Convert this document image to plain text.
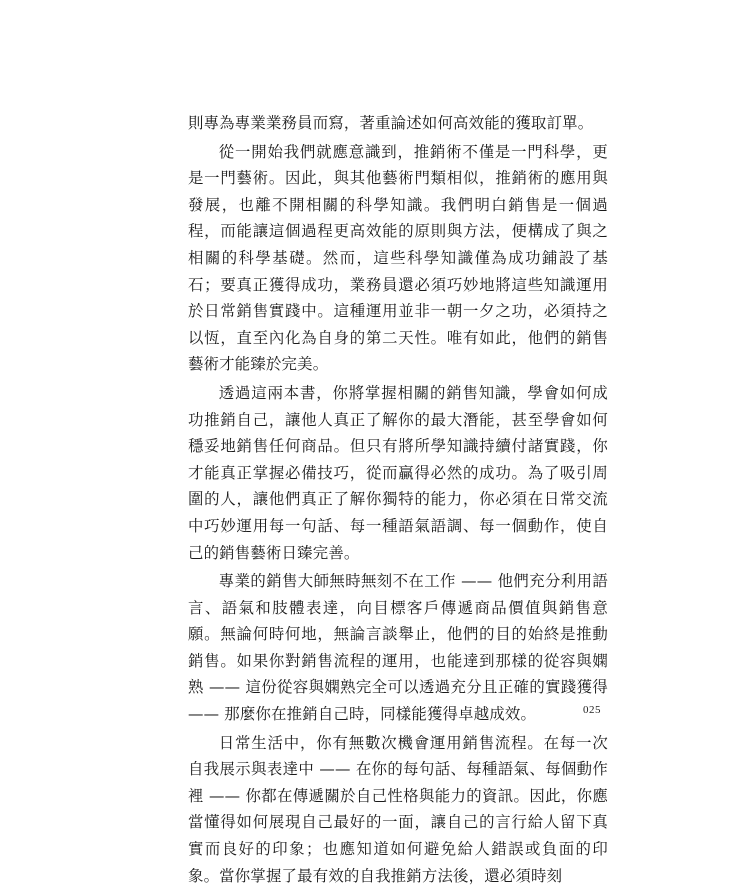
則專為專業業務員而寫，著重論述如何高效能的獲取訂單。

從一開始我們就應意識到，推銷術不僅是一門科學，更是一門藝術。因此，與其他藝術門類相似，推銷術的應用與發展，也離不開相關的科學知識。我們明白銷售是一個過程，而能讓這個過程更高效能的原則與方法，便構成了與之相關的科學基礎。然而，這些科學知識僅為成功鋪設了基石；要真正獲得成功，業務員還必須巧妙地將這些知識運用於日常銷售實踐中。這種運用並非一朝一夕之功，必須持之以恆，直至內化為自身的第二天性。唯有如此，他們的銷售藝術才能臻於完美。

透過這兩本書，你將掌握相關的銷售知識，學會如何成功推銷自己，讓他人真正了解你的最大潛能，甚至學會如何穩妥地銷售任何商品。但只有將所學知識持續付諸實踐，你才能真正掌握必備技巧，從而贏得必然的成功。為了吸引周圍的人，讓他們真正了解你獨特的能力，你必須在日常交流中巧妙運用每一句話、每一種語氣語調、每一個動作，使自己的銷售藝術日臻完善。

專業的銷售大師無時無刻不在工作 —— 他們充分利用語言、語氣和肢體表達，向目標客戶傳遞商品價值與銷售意願。無論何時何地，無論言談舉止，他們的目的始終是推動銷售。如果你對銷售流程的運用，也能達到那樣的從容與嫻熟 —— 這份從容與嫻熟完全可以透過充分且正確的實踐獲得 —— 那麼你在推銷自己時，同樣能獲得卓越成效。

日常生活中，你有無數次機會運用銷售流程。在每一次自我展示與表達中 —— 在你的每句話、每種語氣、每個動作裡 —— 你都在傳遞關於自己性格與能力的資訊。因此，你應當懂得如何展現自己最好的一面，讓自己的言行給人留下真實而良好的印象；也應知道如何避免給人錯誤或負面的印象。當你掌握了最有效的自我推銷方法後，還必須時刻

025
